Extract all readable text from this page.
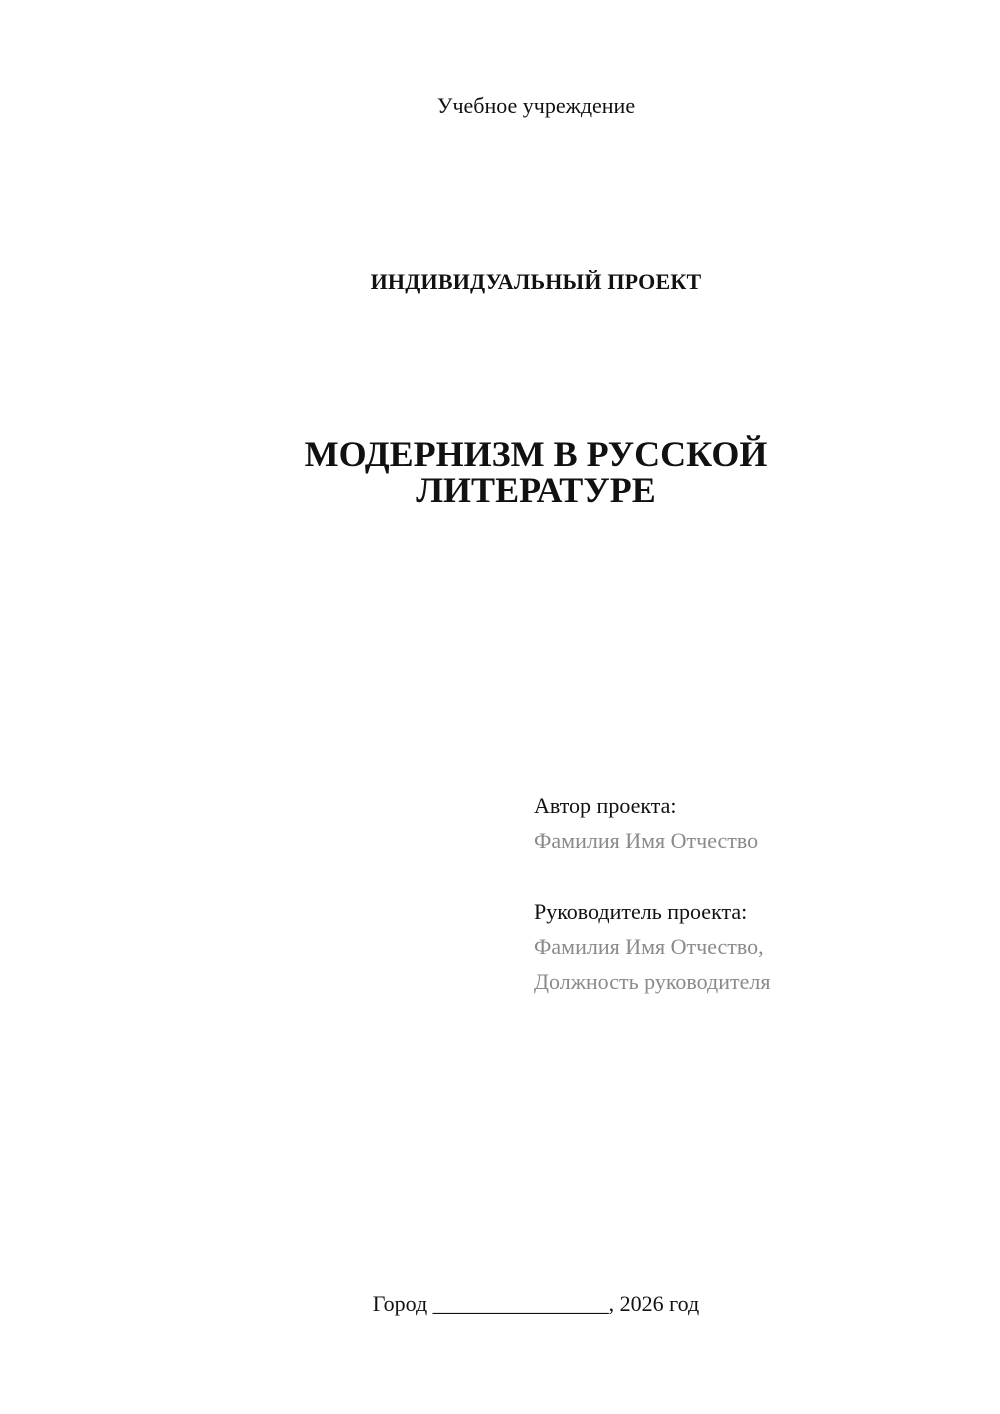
Учебное учреждение
ИНДИВИДУАЛЬНЫЙ ПРОЕКТ
МОДЕРНИЗМ В РУССКОЙ
ЛИТЕРАТУРЕ
Автор проекта:
Фамилия Имя Отчество
Руководитель проекта:
Фамилия Имя Отчество,
Должность руководителя
Город ________________, 2026 год
